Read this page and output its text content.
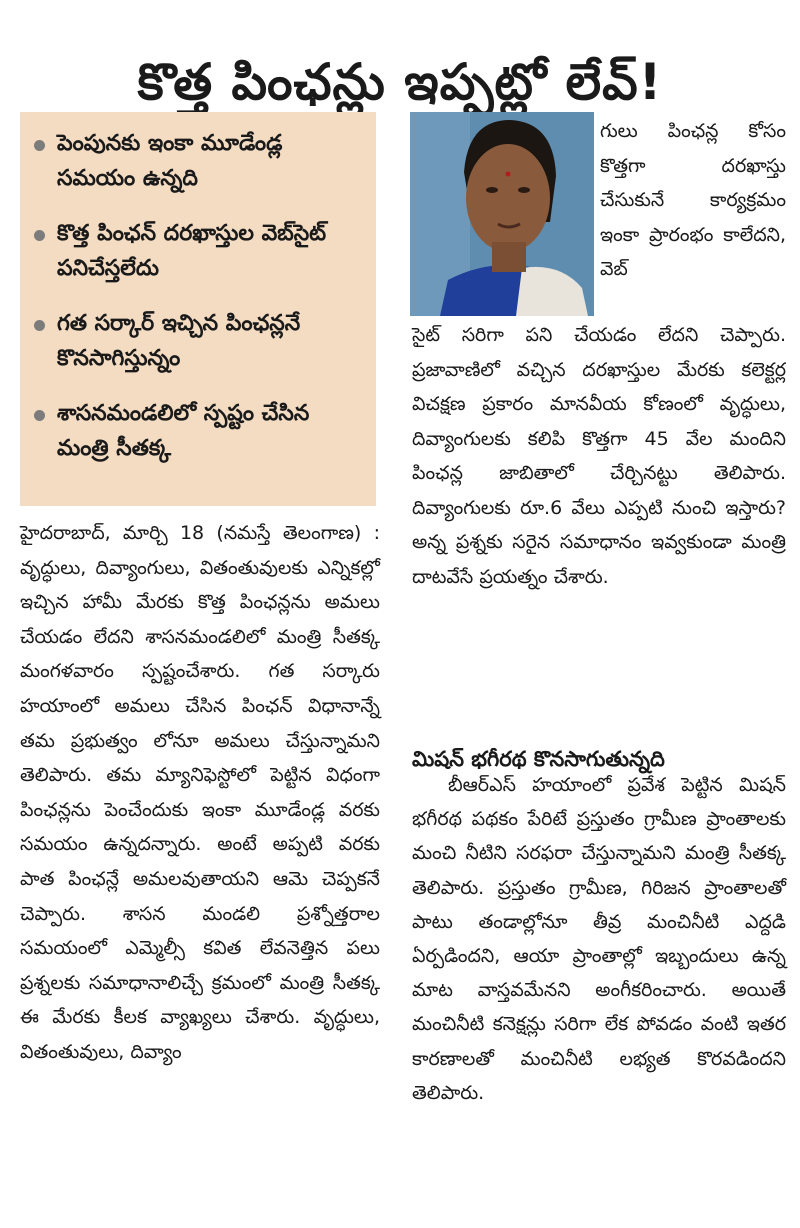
కొత్త పింఛన్లు ఇప్పట్లో లేవ్‌!
పెంపునకు ఇంకా మూడేండ్ల సమయం ఉన్నది
కొత్త పింఛన్‌ దరఖాస్తుల వెబ్‌సైట్‌ పనిచేస్తలేదు
గత సర్కార్‌ ఇచ్చిన పింఛన్లనే కొనసాగిస్తున్నం
శాసనమండలిలో స్పష్టం చేసిన మంత్రి సీతక్క

గులు పింఛన్ల కోసం కొత్తగా దరఖాస్తు చేసుకునే కార్యక్రమం ఇంకా ప్రారంభం కాలేదని, వెబ్‌

సైట్‌ సరిగా పని చేయడం లేదని చెప్పారు. ప్రజావాణిలో వచ్చిన దరఖాస్తుల మేరకు కలెక్టర్ల విచక్షణ ప్రకారం మానవీయ కోణంలో వృద్ధులు, దివ్యాంగులకు కలిపి కొత్తగా 45 వేల మందిని పింఛన్ల జాబితాలో చేర్చినట్టు తెలిపారు. దివ్యాంగులకు రూ.6 వేలు ఎప్పటి నుంచి ఇస్తారు? అన్న ప్రశ్నకు సరైన సమాధానం ఇవ్వకుండా మంత్రి దాటవేసే ప్రయత్నం చేశారు.

మిషన్‌ భగీరథ కొనసాగుతున్నది

బీఆర్‌ఎస్‌ హయాంలో ప్రవేశ పెట్టిన మిషన్‌ భగీరథ పథకం పేరిటే ప్రస్తుతం గ్రామీణ ప్రాంతాలకు మంచి నీటిని సరఫరా చేస్తున్నామని మంత్రి సీతక్క తెలిపారు. ప్రస్తుతం గ్రామీణ, గిరిజన ప్రాంతాలతో పాటు తండాల్లోనూ తీవ్ర మంచినీటి ఎద్దడి ఏర్పడిందని, ఆయా ప్రాంతాల్లో ఇబ్బందులు ఉన్న మాట వాస్తవమేనని అంగీకరించారు. అయితే మంచినీటి కనెక్షన్లు సరిగా లేక పోవడం వంటి ఇతర కారణాలతో మంచినీటి లభ్యత కొరవడిందని తెలిపారు.

హైదరాబాద్‌, మార్చి 18 (నమస్తే తెలంగాణ) : వృద్ధులు, దివ్యాంగులు, వితంతువులకు ఎన్నికల్లో ఇచ్చిన హామీ మేరకు కొత్త పింఛన్లను అమలు చేయడం లేదని శాసనమండలిలో మంత్రి సీతక్క మంగళవారం స్పష్టంచేశారు. గత సర్కారు హయాంలో అమలు చేసిన పింఛన్‌ విధానాన్నే తమ ప్రభుత్వం లోనూ అమలు చేస్తున్నామని తెలిపారు. తమ మ్యానిఫెస్టోలో పెట్టిన విధంగా పింఛన్లను పెంచేందుకు ఇంకా మూడేండ్ల వరకు సమయం ఉన్నదన్నారు. అంటే అప్పటి వరకు పాత పింఛన్లే అమలవుతాయని ఆమె చెప్పకనే చెప్పారు. శాసన మండలి ప్రశ్నోత్తరాల సమయంలో ఎమ్మెల్సీ కవిత లేవనెత్తిన పలు ప్రశ్నలకు సమాధానాలిచ్చే క్రమంలో మంత్రి సీతక్క ఈ మేరకు కీలక వ్యాఖ్యలు చేశారు. వృద్ధులు, వితంతువులు, దివ్యాం
